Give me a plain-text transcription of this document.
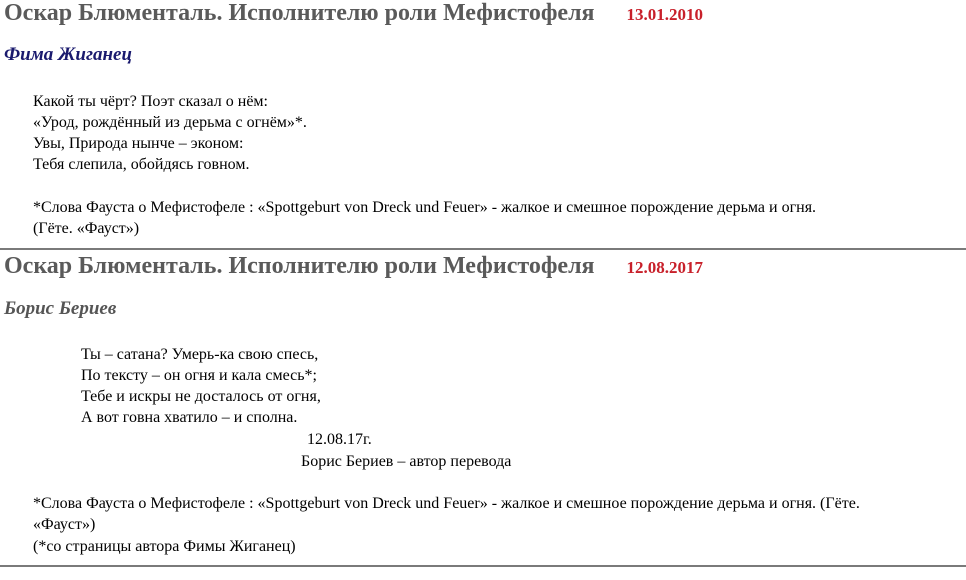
Оскар Блюменталь. Исполнителю роли Мефистофеля 13.01.2010
Фима Жиганец
Какой ты чёрт? Поэт сказал о нём:
«Урод, рождённый из дерьма с огнём»*.
Увы, Природа нынче – эконом:
Тебя слепила, обойдясь говном.
*Слова Фауста о Мефистофеле : «Spottgeburt von Dreck und Feuer» - жалкое и смешное порождение дерьма и огня.
(Гёте. «Фауст»)
Оскар Блюменталь. Исполнителю роли Мефистофеля 12.08.2017
Борис Бериев
Ты – сатана? Умерь-ка свою спесь,
По тексту – он огня и кала смесь*;
Тебе и искры не досталось от огня,
А вот говна хватило – и сполна.
12.08.17г.
Борис Бериев – автор перевода
*Слова Фауста о Мефистофеле : «Spottgeburt von Dreck und Feuer» - жалкое и смешное порождение дерьма и огня. (Гёте.
«Фауст»)
(*со страницы автора Фимы Жиганец)
